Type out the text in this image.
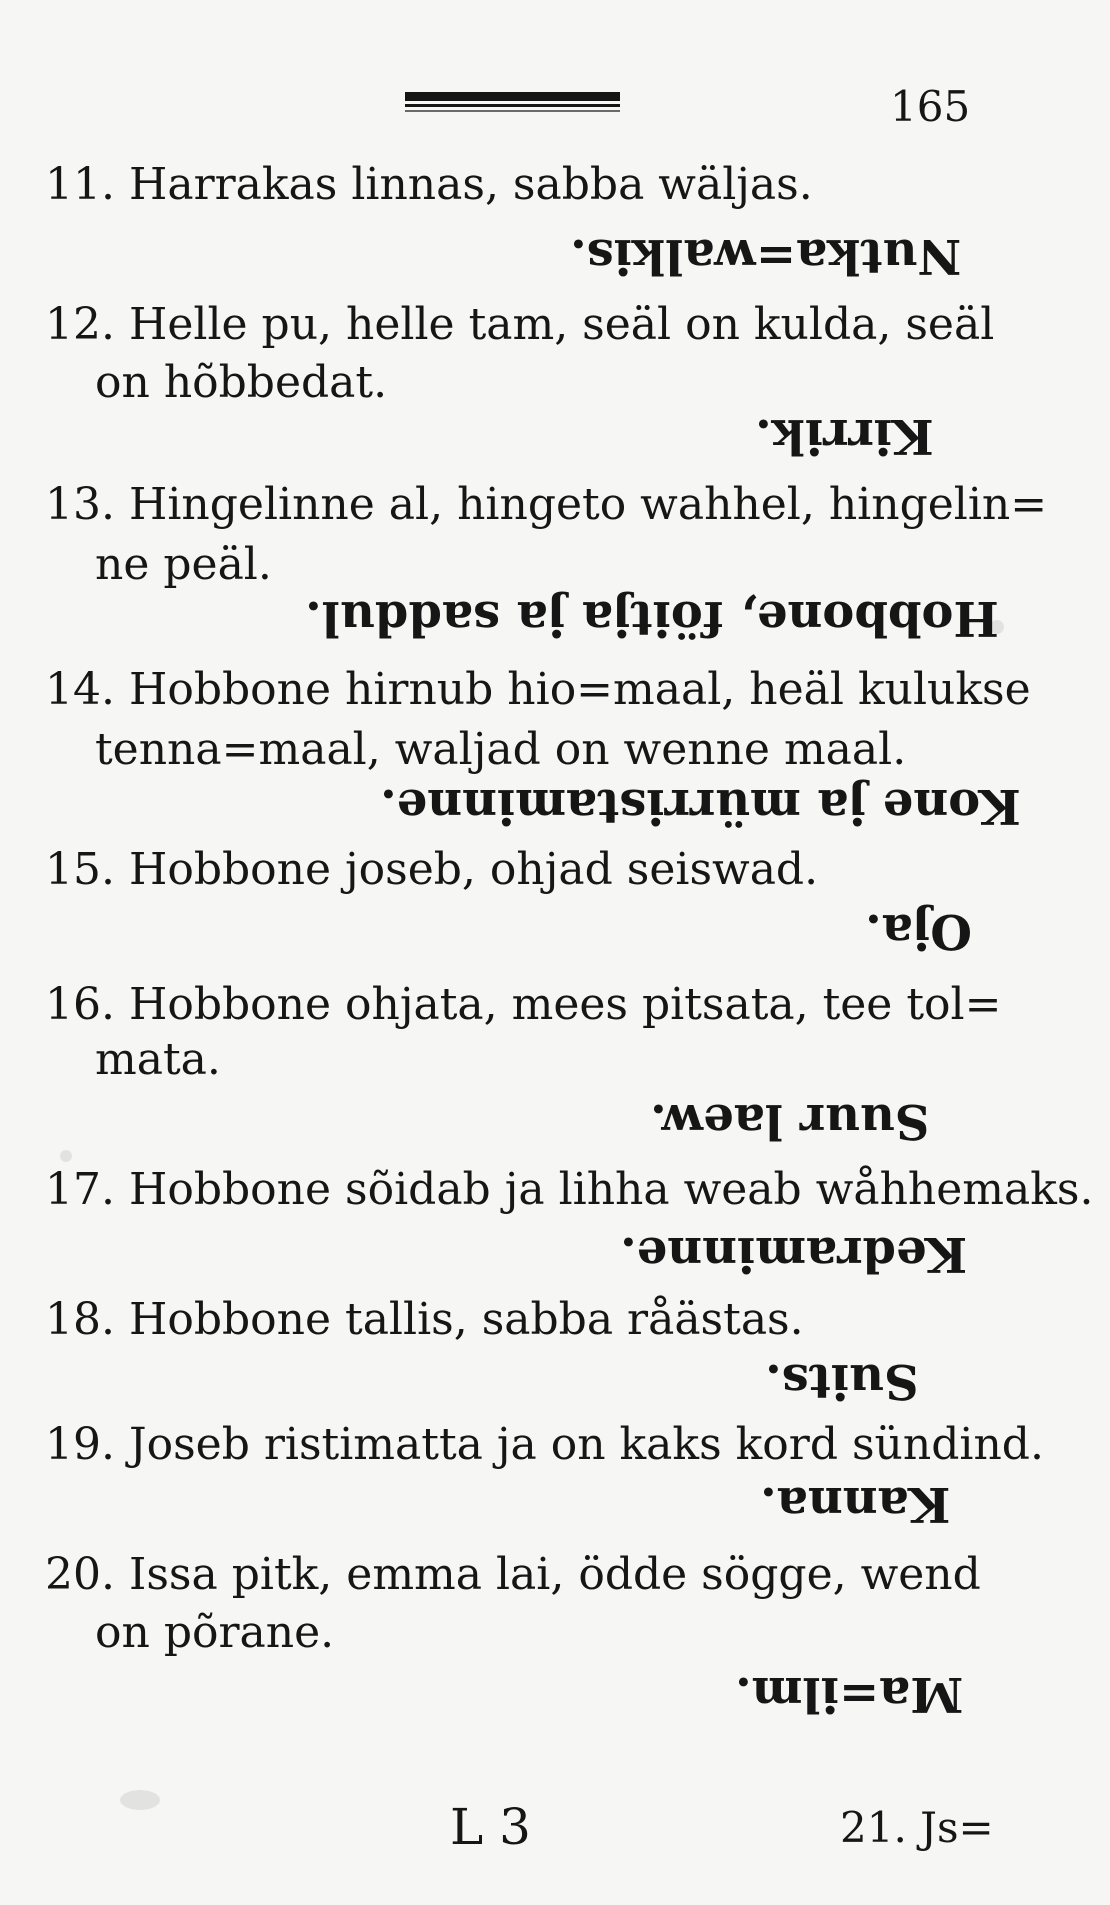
165
11. Harrakas linnas, sabba wäljas.
Nutka=walkis.
12. Helle pu, helle tam, seäl on kulda, seäl
on hõbbedat.
Kirrik.
13. Hingelinne al, hingeto wahhel, hingelin=
ne peäl.
Hobbone, föitja ja saddul.
14. Hobbone hirnub hio=maal, heäl kulukse
tenna=maal, waljad on wenne maal.
Kone ja mürristaminne.
15. Hobbone joseb, ohjad seiswad.
Oja.
16. Hobbone ohjata, mees pitsata, tee tol=
mata.
Suur laew.
17. Hobbone sõidab ja lihha weab wåhhemaks.
Kedraminne.
18. Hobbone tallis, sabba råästas.
Suits.
19. Joseb ristimatta ja on kaks kord sündind.
Kanna.
20. Issa pitk, emma lai, ödde sögge, wend
on põrane.
Ma=ilm.
L 3	21. Js=
